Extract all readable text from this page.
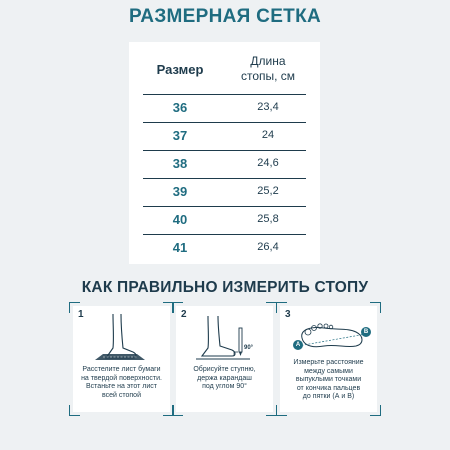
РАЗМЕРНАЯ СЕТКА
Размер
Длина
стопы, см
36	23,4
37	24
38	24,6
39	25,2
40	25,8
41	26,4
КАК ПРАВИЛЬНО ИЗМЕРИТЬ СТОПУ
1
Расстелите лист бумаги
на твердой поверхности.
Встаньте на этот лист
всей стопой
2
90°
Обрисуйте ступню,
держа карандаш
под углом 90°
3
A
B
Измерьте расстояние
между самыми
выпуклыми точками
от кончика пальцев
до пятки (А и В)
